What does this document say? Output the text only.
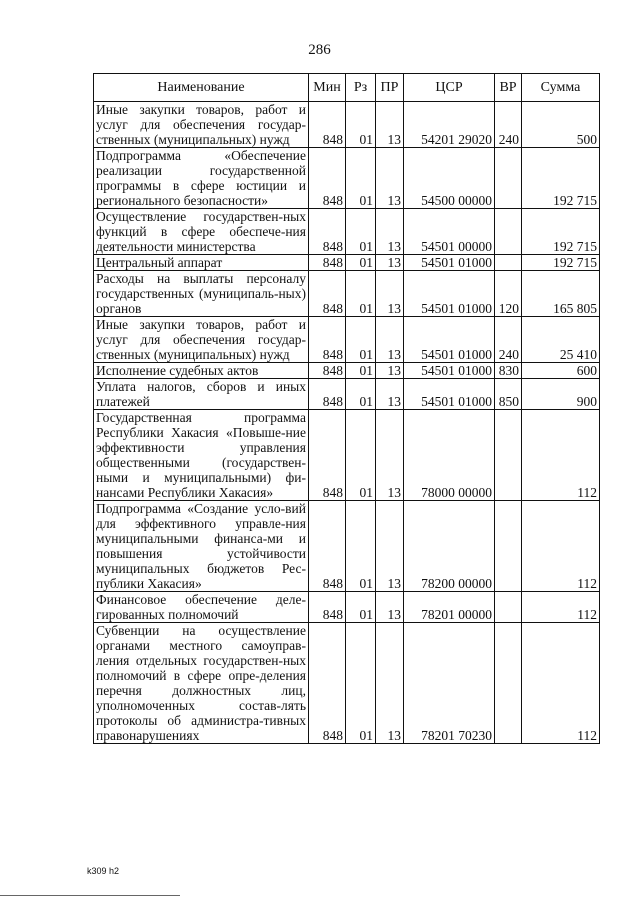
286
Наименование	Мин	Рз	ПР	ЦСР	ВР	Сумма
Иные закупки товаров, работ и услуг для обеспечения государ-ственных (муниципальных) нужд	848	01	13	54201 29020	240	500
Подпрограмма «Обеспечение реализации государственной программы в сфере юстиции и регионального безопасности»	848	01	13	54500 00000		192 715
Осуществление государствен-ных функций в сфере обеспече-ния деятельности министерства	848	01	13	54501 00000		192 715
Центральный аппарат	848	01	13	54501 01000		192 715
Расходы на выплаты персоналу государственных (муниципаль-ных) органов	848	01	13	54501 01000	120	165 805
Иные закупки товаров, работ и услуг для обеспечения государ-ственных (муниципальных) нужд	848	01	13	54501 01000	240	25 410
Исполнение судебных актов	848	01	13	54501 01000	830	600
Уплата налогов, сборов и иных платежей	848	01	13	54501 01000	850	900
Государственная программа Республики Хакасия «Повыше-ние эффективности управления общественными (государствен-ными и муниципальными) фи-нансами Республики Хакасия»	848	01	13	78000 00000		112
Подпрограмма «Создание усло-вий для эффективного управле-ния муниципальными финанса-ми и повышения устойчивости муниципальных бюджетов Рес-публики Хакасия»	848	01	13	78200 00000		112
Финансовое обеспечение деле-гированных полномочий	848	01	13	78201 00000		112
Субвенции на осуществление органами местного самоуправ-ления отдельных государствен-ных полномочий в сфере опре-деления перечня должностных лиц, уполномоченных состав-лять протоколы об администра-тивных правонарушениях	848	01	13	78201 70230		112
k309 h2
